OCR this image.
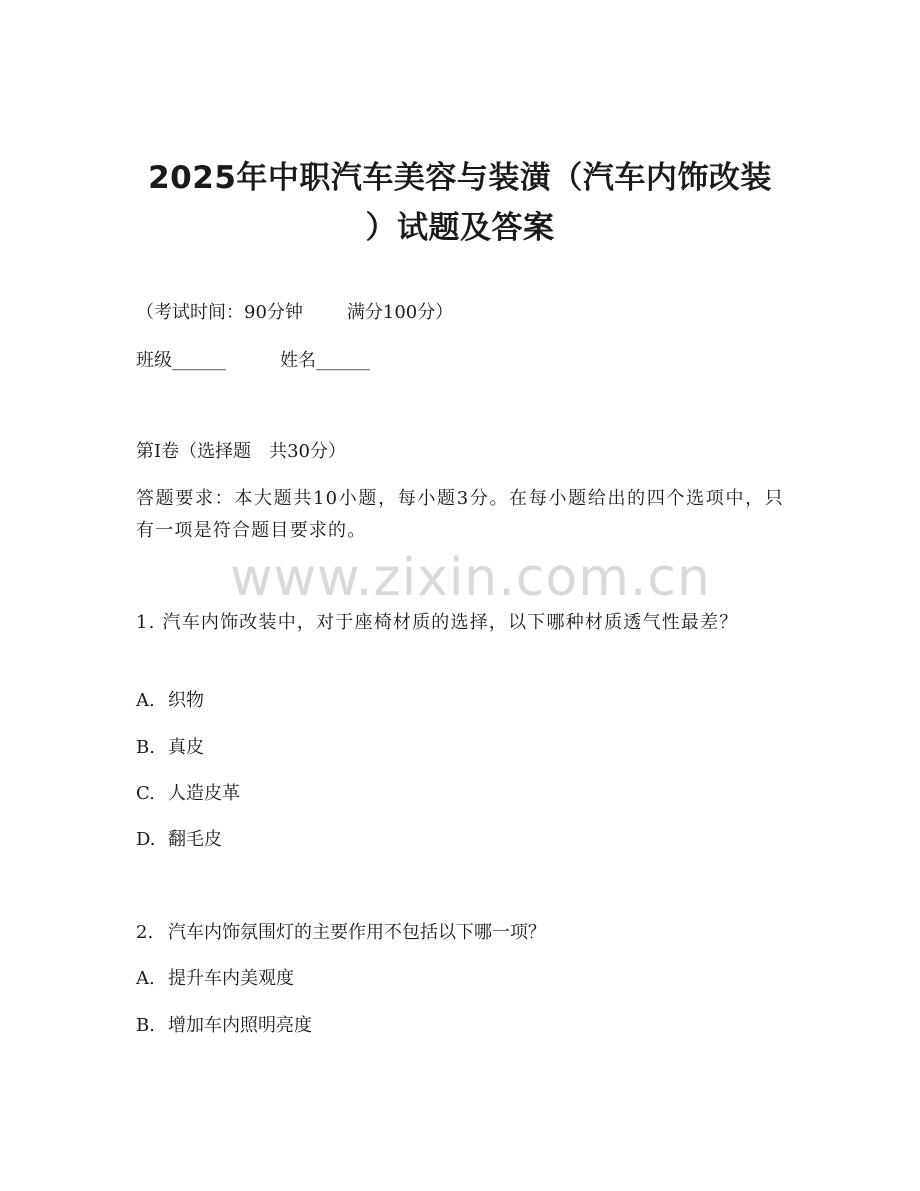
2025年中职汽车美容与装潢（汽车内饰改装
）试题及答案
（考试时间：90分钟 满分100分）
班级______	姓名______
第Ⅰ卷（选择题　共30分）
答题要求：本大题共10小题，每小题3分。在每小题给出的四个选项中，只有一项是符合题目要求的。
www.zixin.com.cn
1. 汽车内饰改装中，对于座椅材质的选择，以下哪种材质透气性最差？
A. 织物
B. 真皮
C. 人造皮革
D. 翻毛皮
2. 汽车内饰氛围灯的主要作用不包括以下哪一项？
A. 提升车内美观度
B. 增加车内照明亮度
